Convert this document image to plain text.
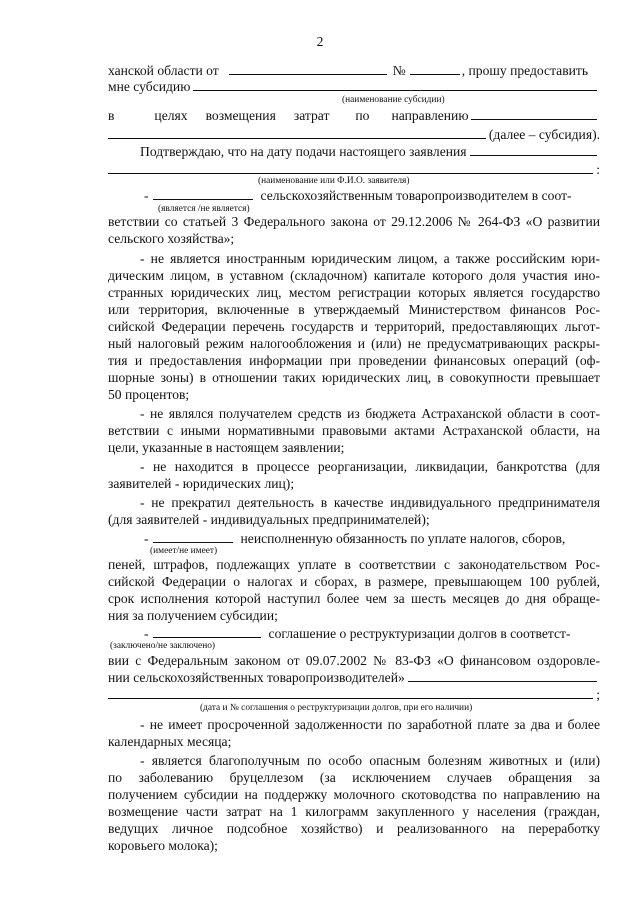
2
ханской области от	№	, прошу предоставить
мне субсидию
(наименование субсидии)
в	целях возмещения затрат по направлению
(далее – субсидия).
Подтверждаю, что на дату подачи настоящего заявления
:
(наименование или Ф.И.О. заявителя)
-	сельскохозяйственным товаропроизводителем в соот-
(является /не является)
ветствии со статьей 3 Федерального закона от 29.12.2006 № 264-ФЗ «О развитии
сельского хозяйства»;
- не является иностранным юридическим лицом, а также российским юри-
дическим лицом, в уставном (складочном) капитале которого доля участия ино-
странных юридических лиц, местом регистрации которых является государство
или территория, включенные в утверждаемый Министерством финансов Рос-
сийской Федерации перечень государств и территорий, предоставляющих льгот-
ный налоговый режим налогообложения и (или) не предусматривающих раскры-
тия и предоставления информации при проведении финансовых операций (оф-
шорные зоны) в отношении таких юридических лиц, в совокупности превышает
50 процентов;
- не являлся получателем средств из бюджета Астраханской области в соот-
ветствии с иными нормативными правовыми актами Астраханской области, на
цели, указанные в настоящем заявлении;
- не находится в процессе реорганизации, ликвидации, банкротства (для
заявителей - юридических лиц);
- не прекратил деятельность в качестве индивидуального предпринимателя
(для заявителей - индивидуальных предпринимателей);
-	неисполненную обязанность по уплате налогов, сборов,
(имеет/не имеет)
пеней, штрафов, подлежащих уплате в соответствии с законодательством Рос-
сийской Федерации о налогах и сборах, в размере, превышающем 100 рублей,
срок исполнения которой наступил более чем за шесть месяцев до дня обраще-
ния за получением субсидии;
-	соглашение о реструктуризации долгов в соответст-
(заключено/не заключено)
вии с Федеральным законом от 09.07.2002 № 83-ФЗ «О финансовом оздоровле-
нии сельскохозяйственных товаропроизводителей»
;
(дата и № соглашения о реструктуризации долгов, при его наличии)
- не имеет просроченной задолженности по заработной плате за два и более
календарных месяца;
- является благополучным по особо опасным болезням животных и (или)
по заболеванию бруцеллезом (за исключением случаев обращения за
получением субсидии на поддержку молочного скотоводства по направлению на
возмещение части затрат на 1 килограмм закупленного у населения (граждан,
ведущих личное подсобное хозяйство) и реализованного на переработку
коровьего молока);
